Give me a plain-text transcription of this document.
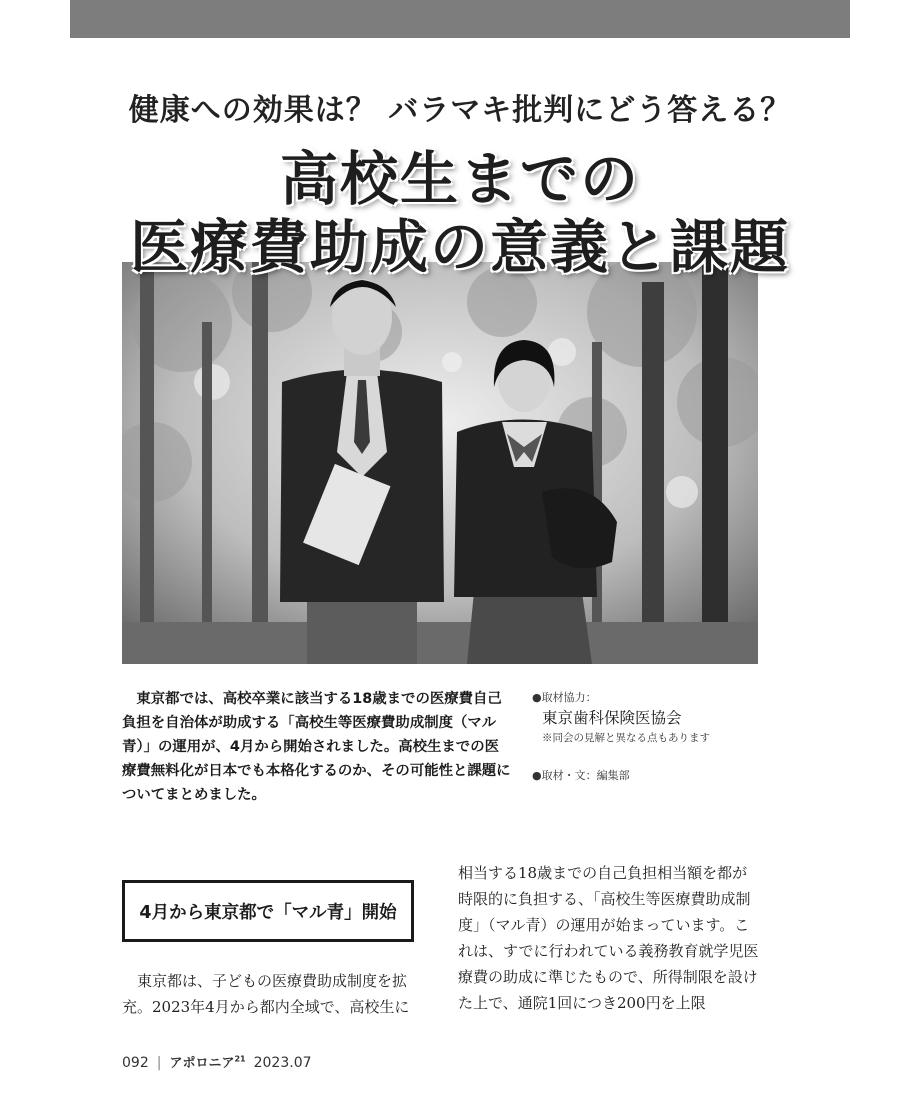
健康への効果は？ バラマキ批判にどう答える？
高校生までの
医療費助成の意義と課題

東京都では、高校卒業に該当する18歳までの医療費自己負担を自治体が助成する「高校生等医療費助成制度（マル青）」の運用が、4月から開始されました。高校生までの医療費無料化が日本でも本格化するのか、その可能性と課題についてまとめました。

●取材協力：
東京歯科保険医協会
※同会の見解と異なる点もあります
●取材・文：編集部
4月から東京都で「マル青」開始

東京都は、子どもの医療費助成制度を拡充。2023年4月から都内全域で、高校生に

相当する18歳までの自己負担相当額を都が時限的に負担する、「高校生等医療費助成制度」（マル青）の運用が始まっています。これは、すでに行われている義務教育就学児医療費の助成に準じたもので、所得制限を設けた上で、通院1回につき200円を上限

092 | アポロニア$^{21}$ 2023.07
